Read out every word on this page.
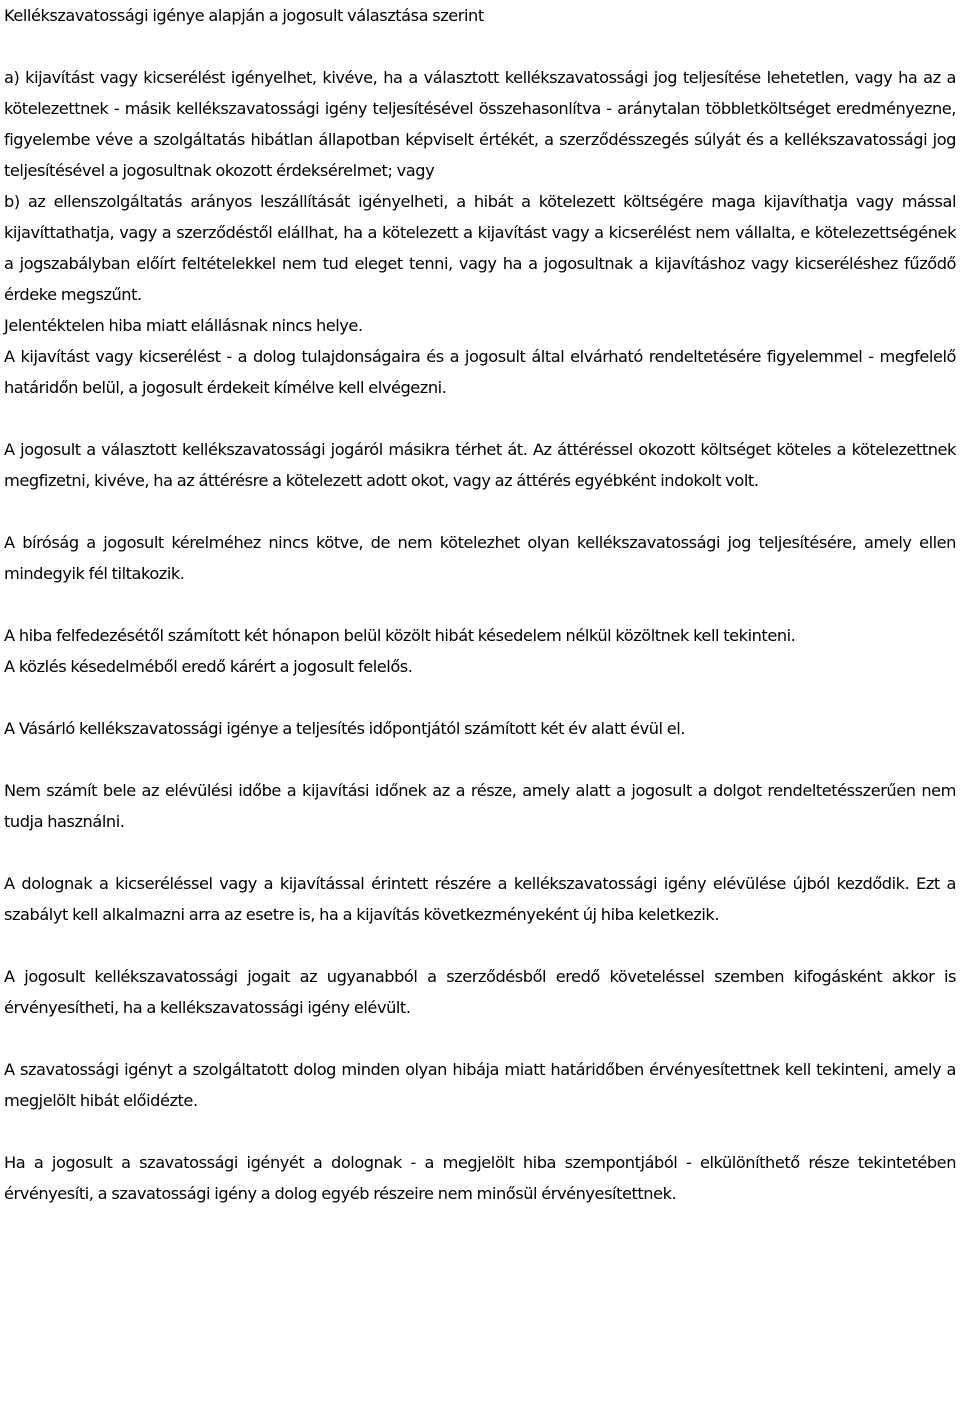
Kellékszavatossági igénye alapján a jogosult választása szerint

a) kijavítást vagy kicserélést igényelhet, kivéve, ha a választott kellékszavatossági jog teljesítése lehetetlen, vagy ha az a kötelezettnek - másik kellékszavatossági igény teljesítésével összehasonlítva - aránytalan többletköltséget eredményezne, figyelembe véve a szolgáltatás hibátlan állapotban képviselt értékét, a szerződésszegés súlyát és a kellékszavatossági jog teljesítésével a jogosultnak okozott érdeksérelmet; vagy

b) az ellenszolgáltatás arányos leszállítását igényelheti, a hibát a kötelezett költségére maga kijavíthatja vagy mással kijavíttathatja, vagy a szerződéstől elállhat, ha a kötelezett a kijavítást vagy a kicserélést nem vállalta, e kötelezettségének a jogszabályban előírt feltételekkel nem tud eleget tenni, vagy ha a jogosultnak a kijavításhoz vagy kicseréléshez fűződő érdeke megszűnt.

Jelentéktelen hiba miatt elállásnak nincs helye.

A kijavítást vagy kicserélést - a dolog tulajdonságaira és a jogosult által elvárható rendeltetésére figyelemmel - megfelelő határidőn belül, a jogosult érdekeit kímélve kell elvégezni.

A jogosult a választott kellékszavatossági jogáról másikra térhet át. Az áttéréssel okozott költséget köteles a kötelezettnek megfizetni, kivéve, ha az áttérésre a kötelezett adott okot, vagy az áttérés egyébként indokolt volt.

A bíróság a jogosult kérelméhez nincs kötve, de nem kötelezhet olyan kellékszavatossági jog teljesítésére, amely ellen mindegyik fél tiltakozik.

A hiba felfedezésétől számított két hónapon belül közölt hibát késedelem nélkül közöltnek kell tekinteni.

A közlés késedelméből eredő kárért a jogosult felelős.

A Vásárló kellékszavatossági igénye a teljesítés időpontjától számított két év alatt évül el.

Nem számít bele az elévülési időbe a kijavítási időnek az a része, amely alatt a jogosult a dolgot rendeltetésszerűen nem tudja használni.

A dolognak a kicseréléssel vagy a kijavítással érintett részére a kellékszavatossági igény elévülése újból kezdődik. Ezt a szabályt kell alkalmazni arra az esetre is, ha a kijavítás következményeként új hiba keletkezik.

A jogosult kellékszavatossági jogait az ugyanabból a szerződésből eredő követeléssel szemben kifogásként akkor is érvényesítheti, ha a kellékszavatossági igény elévült.

A szavatossági igényt a szolgáltatott dolog minden olyan hibája miatt határidőben érvényesítettnek kell tekinteni, amely a megjelölt hibát előidézte.

Ha a jogosult a szavatossági igényét a dolognak - a megjelölt hiba szempontjából - elkülöníthető része tekintetében érvényesíti, a szavatossági igény a dolog egyéb részeire nem minősül érvényesítettnek.
